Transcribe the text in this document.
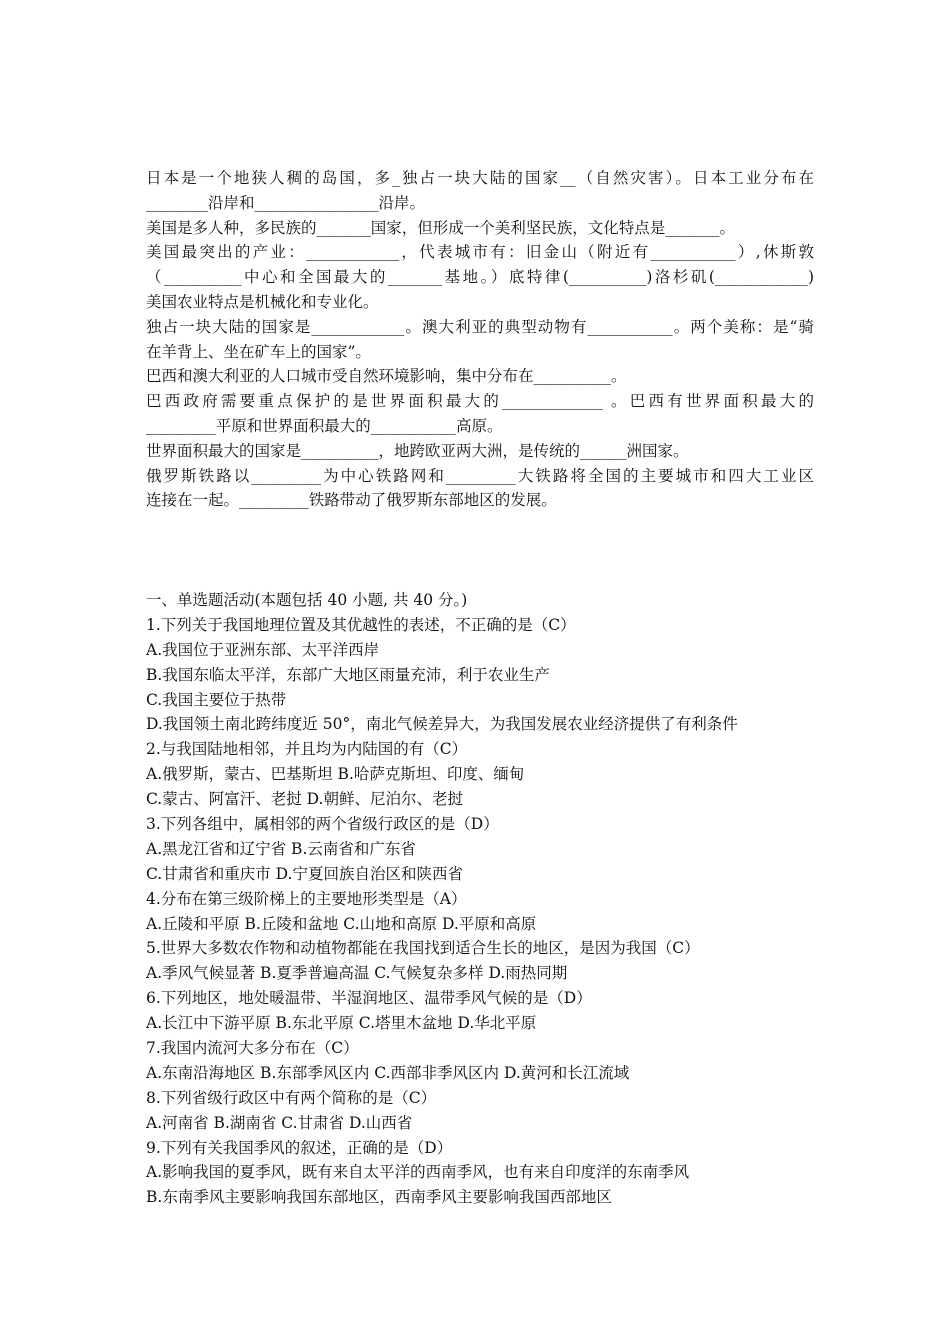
日本是一个地狭人稠的岛国，多_独占一块大陆的国家__（自然灾害）。日本工业分布在
________沿岸和________________沿岸。
美国是多人种，多民族的_______国家，但形成一个美利坚民族，文化特点是_______。
美国最突出的产业：____________，代表城市有：旧金山（附近有___________）,休斯敦
（__________中心和全国最大的_______基地。）底特律(__________)洛杉矶(____________)
美国农业特点是机械化和专业化。
独占一块大陆的国家是____________。澳大利亚的典型动物有___________。两个美称：是“骑
在羊背上、坐在矿车上的国家”。
巴西和澳大利亚的人口城市受自然环境影响，集中分布在__________。
巴西政府需要重点保护的是世界面积最大的_____________ 。巴西有世界面积最大的
_________平原和世界面积最大的___________高原。
世界面积最大的国家是__________，地跨欧亚两大洲，是传统的______洲国家。
俄罗斯铁路以_________为中心铁路网和_________大铁路将全国的主要城市和四大工业区
连接在一起。_________铁路带动了俄罗斯东部地区的发展。
一、单选题活动(本题包括 40 小题, 共 40 分。)
1.下列关于我国地理位置及其优越性的表述，不正确的是（C）
A.我国位于亚洲东部、太平洋西岸
B.我国东临太平洋，东部广大地区雨量充沛，利于农业生产
C.我国主要位于热带
D.我国领土南北跨纬度近 50°，南北气候差异大，为我国发展农业经济提供了有利条件
2.与我国陆地相邻，并且均为内陆国的有（C）
A.俄罗斯，蒙古、巴基斯坦 B.哈萨克斯坦、印度、缅甸
C.蒙古、阿富汗、老挝 D.朝鲜、尼泊尔、老挝
3.下列各组中，属相邻的两个省级行政区的是（D）
A.黑龙江省和辽宁省 B.云南省和广东省
C.甘肃省和重庆市 D.宁夏回族自治区和陕西省
4.分布在第三级阶梯上的主要地形类型是（A）
A.丘陵和平原 B.丘陵和盆地 C.山地和高原 D.平原和高原
5.世界大多数农作物和动植物都能在我国找到适合生长的地区，是因为我国（C）
A.季风气候显著 B.夏季普遍高温 C.气候复杂多样 D.雨热同期
6.下列地区，地处暖温带、半湿润地区、温带季风气候的是（D）
A.长江中下游平原 B.东北平原 C.塔里木盆地 D.华北平原
7.我国内流河大多分布在（C）
A.东南沿海地区 B.东部季风区内 C.西部非季风区内 D.黄河和长江流域
8.下列省级行政区中有两个简称的是（C）
A.河南省 B.湖南省 C.甘肃省 D.山西省
9.下列有关我国季风的叙述，正确的是（D）
A.影响我国的夏季风，既有来自太平洋的西南季风，也有来自印度洋的东南季风
B.东南季风主要影响我国东部地区，西南季风主要影响我国西部地区
